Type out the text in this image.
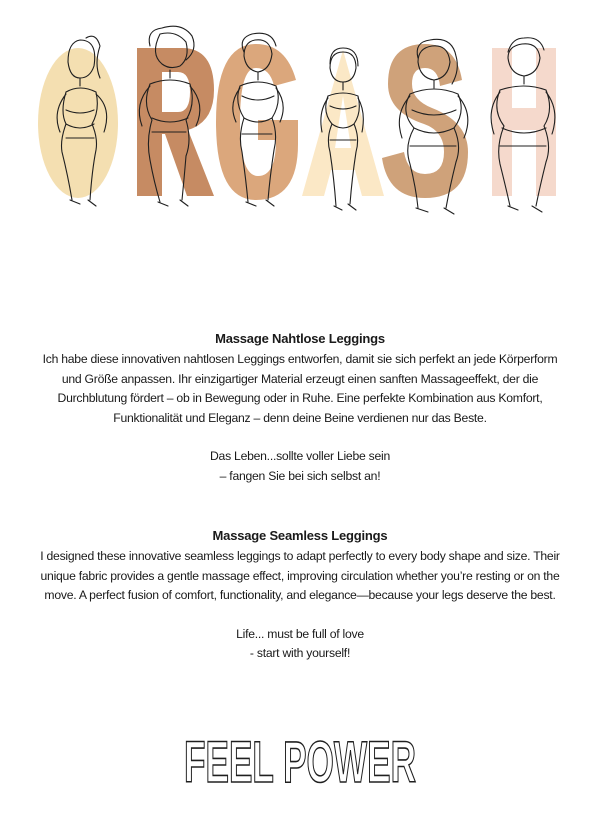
Massage Nahtlose Leggings

Ich habe diese innovativen nahtlosen Leggings entworfen, damit sie sich perfekt an jede Körperform und Größe anpassen. Ihr einzigartiger Material erzeugt einen sanften Massageeffekt, der die Durchblutung fördert – ob in Bewegung oder in Ruhe. Eine perfekte Kombination aus Komfort, Funktionalität und Eleganz – denn deine Beine verdienen nur das Beste.

Das Leben...sollte voller Liebe sein

– fangen Sie bei sich selbst an!

Massage Seamless Leggings

I designed these innovative seamless leggings to adapt perfectly to every body shape and size. Their unique fabric provides a gentle massage effect, improving circulation whether you’re resting or on the move. A perfect fusion of comfort, functionality, and elegance—because your legs deserve the best.

Life... must be full of love

- start with yourself!

FEEL POWER
